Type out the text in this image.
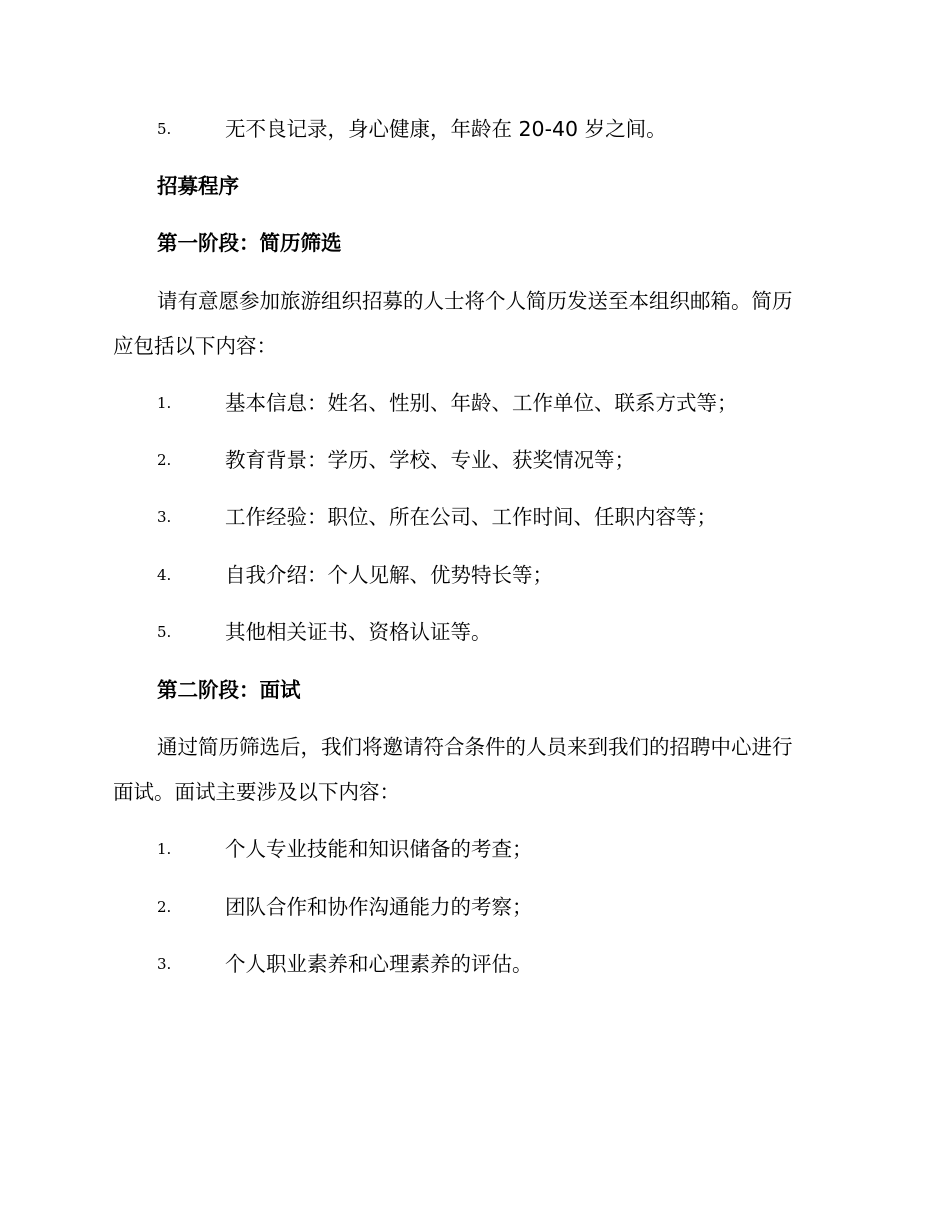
5.	无不良记录，身心健康，年龄在 20-40 岁之间。
招募程序
第一阶段：简历筛选
请有意愿参加旅游组织招募的人士将个人简历发送至本组织邮箱。简历
应包括以下内容：
1.	基本信息：姓名、性别、年龄、工作单位、联系方式等；
2.	教育背景：学历、学校、专业、获奖情况等；
3.	工作经验：职位、所在公司、工作时间、任职内容等；
4.	自我介绍：个人见解、优势特长等；
5.	其他相关证书、资格认证等。
第二阶段：面试
通过简历筛选后，我们将邀请符合条件的人员来到我们的招聘中心进行
面试。面试主要涉及以下内容：
1.	个人专业技能和知识储备的考查；
2.	团队合作和协作沟通能力的考察；
3.	个人职业素养和心理素养的评估。
